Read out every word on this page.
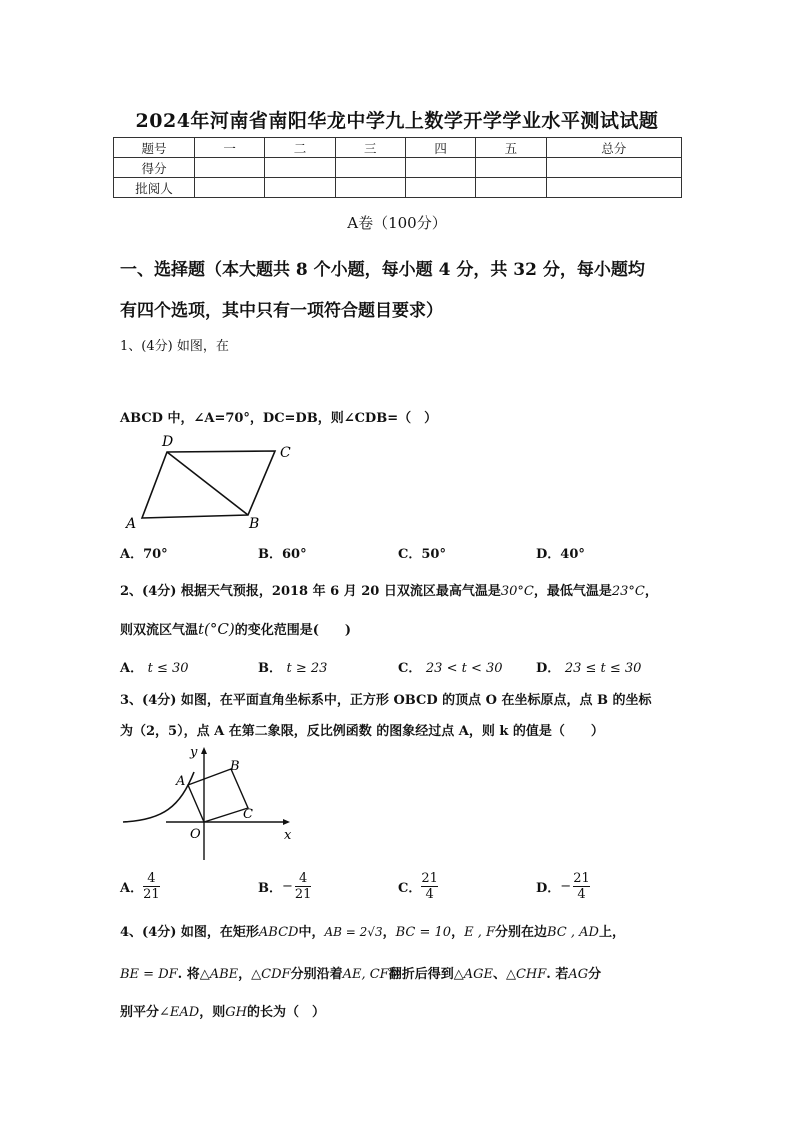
2024年河南省南阳华龙中学九上数学开学学业水平测试试题
题号	一	二	三	四	五	总分
得分						
批阅人						
A卷（100分）
一、选择题（本大题共 8 个小题，每小题 4 分，共 32 分，每小题均
有四个选项，其中只有一项符合题目要求）
1、(4分) 如图，在
ABCD 中，∠A=70°，DC=DB，则∠CDB=（　）
D
C
A	B
A．70°	B．60°	C．50°	D．40°
2、(4分) 根据天气预报，2018 年 6 月 20 日双流区最高气温是30°C，最低气温是23°C，
则双流区气温t(°C)的变化范围是(　　)
A． t ≤ 30	B． t ≥ 23	C． 23 < t < 30	D． 23 ≤ t ≤ 30
3、(4分) 如图，在平面直角坐标系中，正方形 OBCD 的顶点 O 在坐标原点，点 B 的坐标
为（2，5），点 A 在第二象限，反比例函数 的图象经过点 A，则 k 的值是（　　）
y
A
B
C
O	x
A． $\frac{4}{21}$	B． − $\frac{4}{21}$	C． $\frac{21}{4}$	D． − $\frac{21}{4}$
4、(4分) 如图，在矩形ABCD中，AB = 2√3，BC = 10，E , F分别在边BC , AD上，
BE = DF. 将△ABE，△CDF分别沿着AE, CF翻折后得到△AGE、△CHF. 若AG分
别平分∠EAD，则GH的长为（　）
